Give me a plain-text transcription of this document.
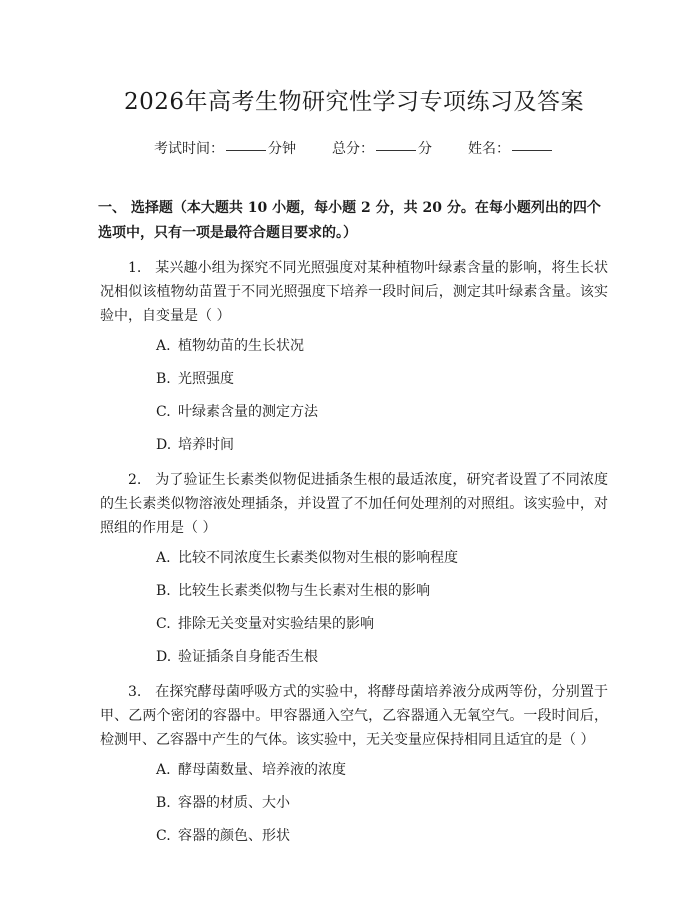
2026年高考生物研究性学习专项练习及答案
考试时间：	分钟	总分：	分	姓名：
一、 选择题（本大题共 10 小题，每小题 2 分，共 20 分。在每小题列出的四个选项中，只有一项是最符合题目要求的。）
1. 某兴趣小组为探究不同光照强度对某种植物叶绿素含量的影响，将生长状况相似该植物幼苗置于不同光照强度下培养一段时间后，测定其叶绿素含量。该实验中，自变量是（ ）
A. 植物幼苗的生长状况
B. 光照强度
C. 叶绿素含量的测定方法
D. 培养时间
2. 为了验证生长素类似物促进插条生根的最适浓度，研究者设置了不同浓度的生长素类似物溶液处理插条，并设置了不加任何处理剂的对照组。该实验中，对照组的作用是（ ）
A. 比较不同浓度生长素类似物对生根的影响程度
B. 比较生长素类似物与生长素对生根的影响
C. 排除无关变量对实验结果的影响
D. 验证插条自身能否生根
3. 在探究酵母菌呼吸方式的实验中，将酵母菌培养液分成两等份，分别置于甲、乙两个密闭的容器中。甲容器通入空气，乙容器通入无氧空气。一段时间后，检测甲、乙容器中产生的气体。该实验中，无关变量应保持相同且适宜的是（ ）
A. 酵母菌数量、培养液的浓度
B. 容器的材质、大小
C. 容器的颜色、形状
